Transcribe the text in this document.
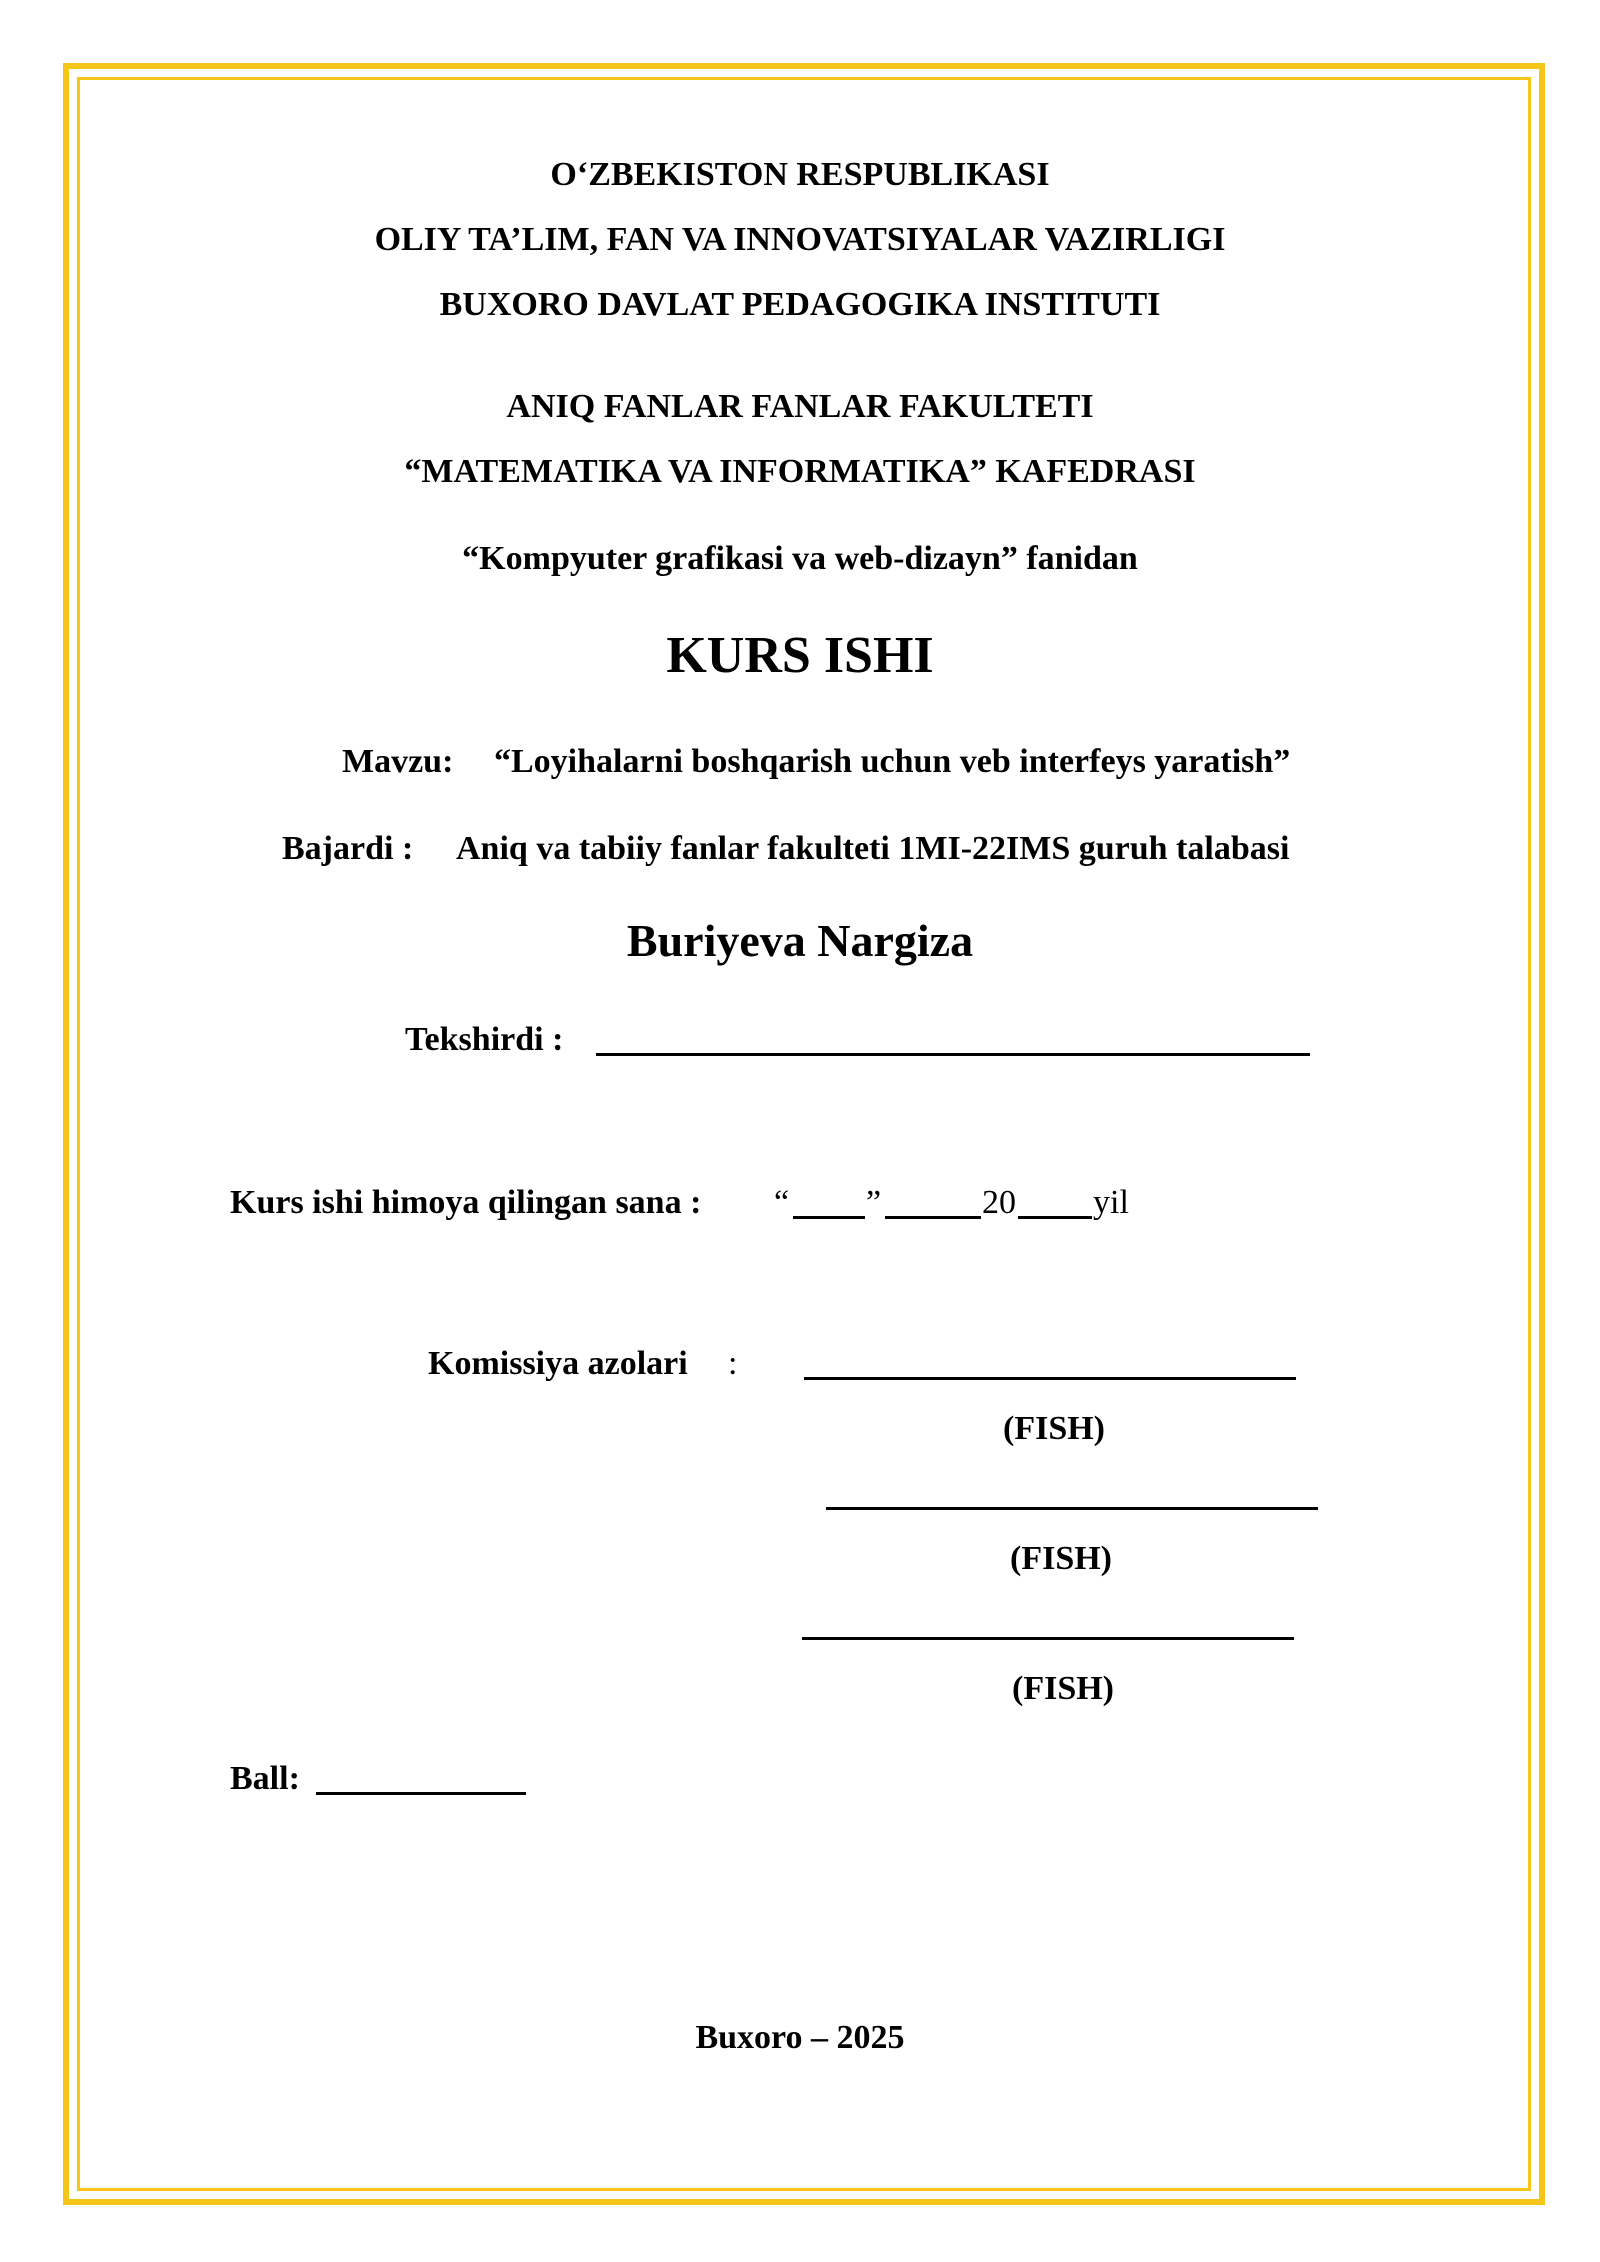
O‘ZBEKISTON RESPUBLIKASI
OLIY TA’LIM, FAN VA INNOVATSIYALAR VAZIRLIGI
BUXORO DAVLAT PEDAGOGIKA INSTITUTI
ANIQ FANLAR FANLAR FAKULTETI
“MATEMATIKA VA INFORMATIKA” KAFEDRASI
“Kompyuter grafikasi va web-dizayn” fanidan
KURS ISHI
Mavzu: “Loyihalarni boshqarish uchun veb interfeys yaratish”
Bajardi : Aniq va tabiiy fanlar fakulteti 1MI-22IMS guruh talabasi
Buriyeva Nargiza
Tekshirdi :
Kurs ishi himoya qilingan sana : “ ”	20 yil
Komissiya azolari :
(FISH)
(FISH)
(FISH)
Ball:
Buxoro – 2025
